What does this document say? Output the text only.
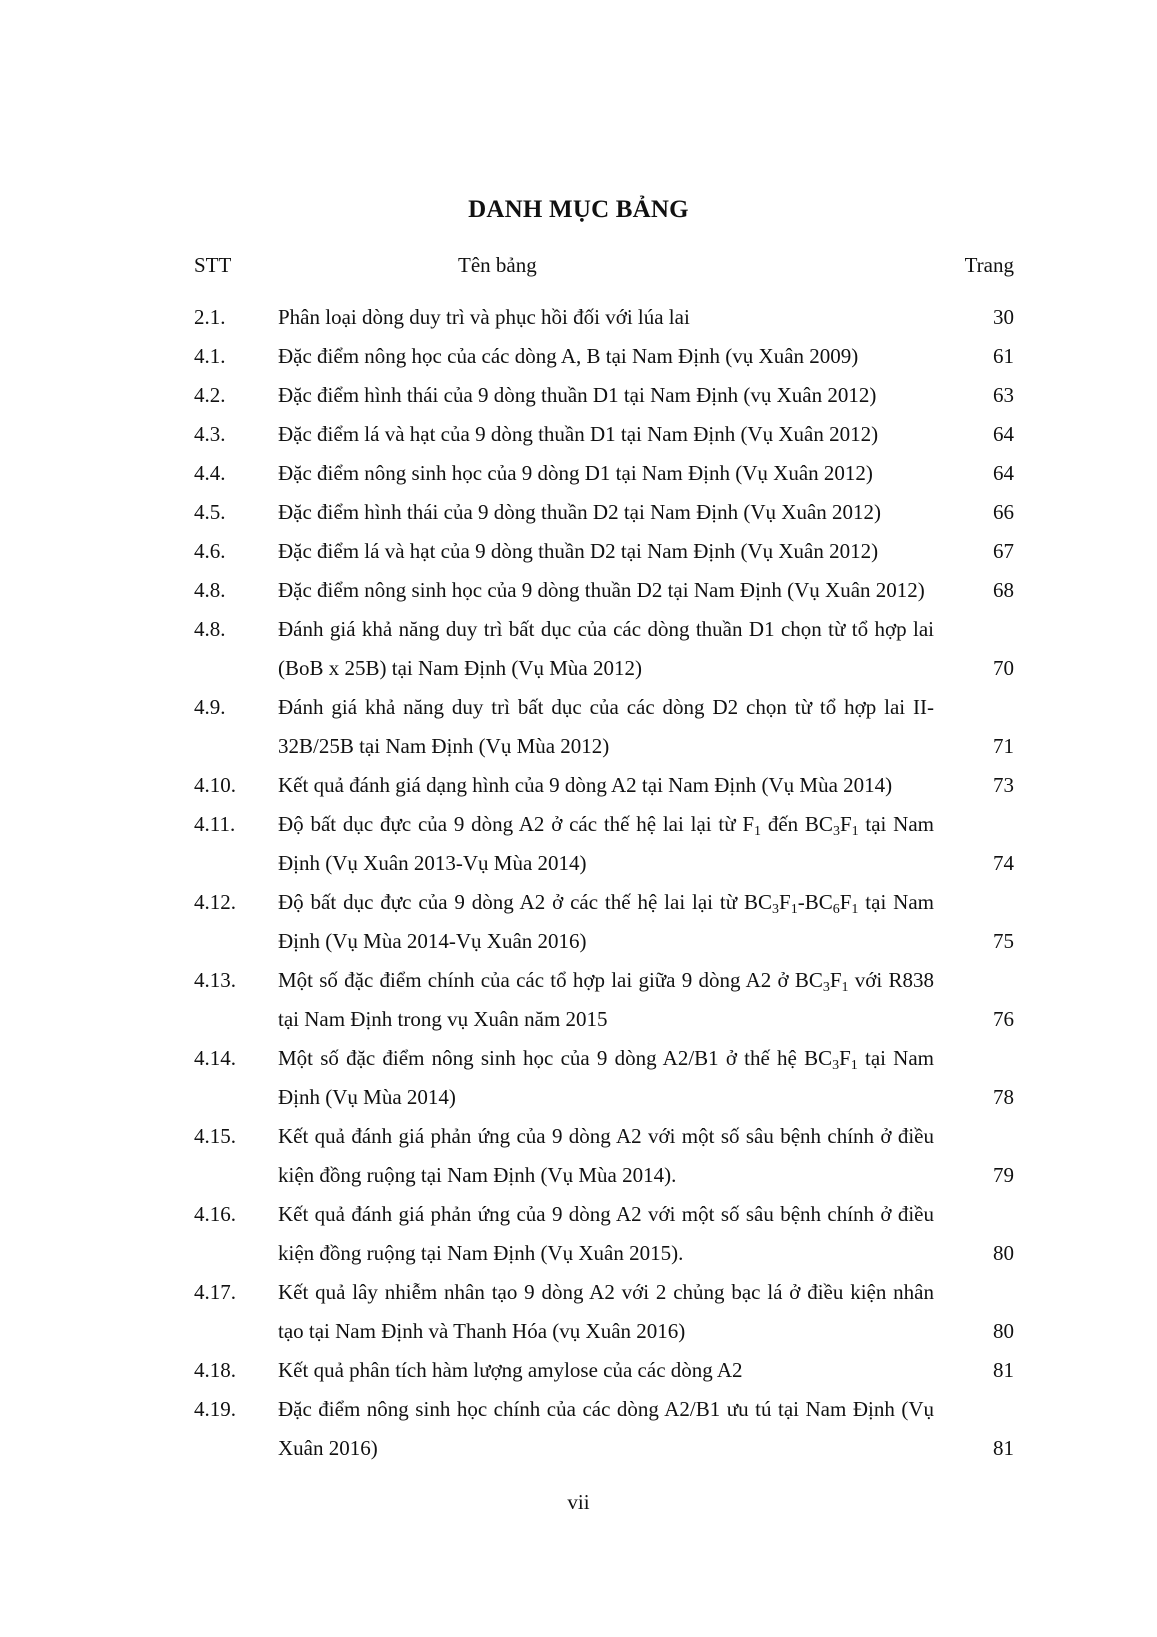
DANH MỤC BẢNG
STT	Tên bảng	Trang
2.1.	Phân loại dòng duy trì và phục hồi đối với lúa lai	30
4.1.	Đặc điểm nông học của các dòng A, B tại Nam Định (vụ Xuân 2009)	61
4.2.	Đặc điểm hình thái của 9 dòng thuần D1 tại Nam Định (vụ Xuân 2012)	63
4.3.	Đặc điểm lá và hạt của 9 dòng thuần D1 tại Nam Định (Vụ Xuân 2012)	64
4.4.	Đặc điểm nông sinh học của 9 dòng D1 tại Nam Định (Vụ Xuân 2012)	64
4.5.	Đặc điểm hình thái của 9 dòng thuần D2 tại Nam Định (Vụ Xuân 2012)	66
4.6.	Đặc điểm lá và hạt của 9 dòng thuần D2 tại Nam Định (Vụ Xuân 2012)	67
4.8.	Đặc điểm nông sinh học của 9 dòng thuần D2 tại Nam Định (Vụ Xuân 2012)	68
4.8.	Đánh giá khả năng duy trì bất dục của các dòng thuần D1 chọn từ tổ hợp lai (BoB x 25B) tại Nam Định (Vụ Mùa 2012)	70
4.9.	Đánh giá khả năng duy trì bất dục của các dòng D2 chọn từ tổ hợp lai II-32B/25B tại Nam Định (Vụ Mùa 2012)	71
4.10. Kết quả đánh giá dạng hình của 9 dòng A2 tại Nam Định (Vụ Mùa 2014)	73
4.11. Độ bất dục đực của 9 dòng A2 ở các thế hệ lai lại từ $F_1$ đến $BC_3F_1$ tại Nam Định (Vụ Xuân 2013-Vụ Mùa 2014)	74
4.12. Độ bất dục đực của 9 dòng A2 ở các thế hệ lai lại từ $BC_3F_1-BC_6F_1$ tại Nam Định (Vụ Mùa 2014-Vụ Xuân 2016)	75
4.13. Một số đặc điểm chính của các tổ hợp lai giữa 9 dòng A2 ở $BC_3F_1$ với R838 tại Nam Định trong vụ Xuân năm 2015	76
4.14. Một số đặc điểm nông sinh học của 9 dòng A2/B1 ở thế hệ $BC_3F_1$ tại Nam Định (Vụ Mùa 2014)	78
4.15. Kết quả đánh giá phản ứng của 9 dòng A2 với một số sâu bệnh chính ở điều kiện đồng ruộng tại Nam Định (Vụ Mùa 2014).	79
4.16. Kết quả đánh giá phản ứng của 9 dòng A2 với một số sâu bệnh chính ở điều kiện đồng ruộng tại Nam Định (Vụ Xuân 2015).	80
4.17. Kết quả lây nhiễm nhân tạo 9 dòng A2 với 2 chủng bạc lá ở điều kiện nhân tạo tại Nam Định và Thanh Hóa (vụ Xuân 2016)	80
4.18. Kết quả phân tích hàm lượng amylose của các dòng A2	81
4.19. Đặc điểm nông sinh học chính của các dòng A2/B1 ưu tú tại Nam Định (Vụ Xuân 2016)	81
vii
